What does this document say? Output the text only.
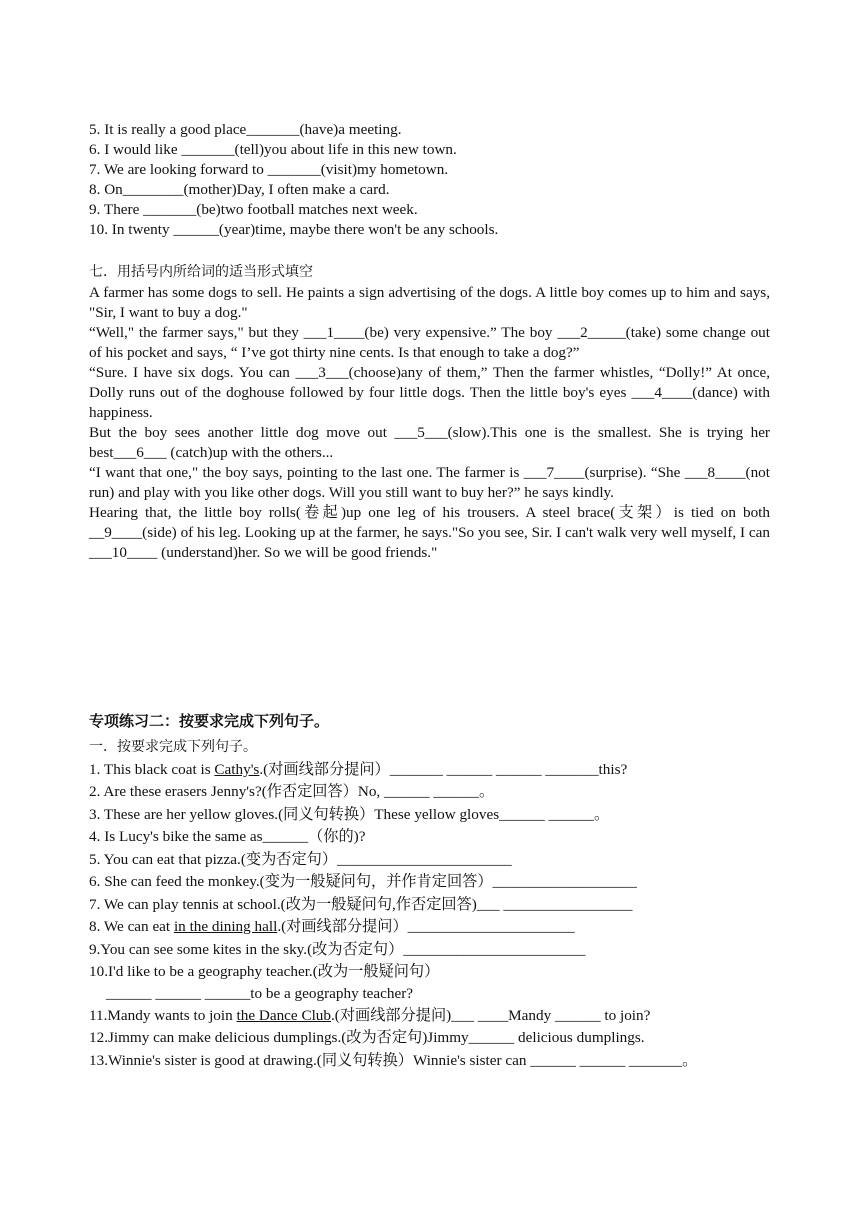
5. It is really a good place_______(have)a meeting.
6. I would like _______(tell)you about life in this new town.
7. We are looking forward to _______(visit)my hometown.
8. On________(mother)Day, I often make a card.
9. There _______(be)two football matches next week.
10. In twenty ______(year)time, maybe there won't be any schools.
七．用括号内所给词的适当形式填空

A farmer has some dogs to sell. He paints a sign advertising of the dogs. A little boy comes up to him and says, "Sir, I want to buy a dog."

“Well," the farmer says," but they ___1____(be) very expensive.” The boy ___2_____(take) some change out of his pocket and says, “ I’ve got thirty nine cents. Is that enough to take a dog?”

“Sure. I have six dogs. You can ___3___(choose)any of them,” Then the farmer whistles, “Dolly!” At once, Dolly runs out of the doghouse followed by four little dogs. Then the little boy's eyes ___4____(dance) with happiness.

But the boy sees another little dog move out ___5___(slow).This one is the smallest. She is trying her best___6___ (catch)up with the others...

“I want that one," the boy says, pointing to the last one. The farmer is ___7____(surprise). “She ___8____(not run) and play with you like other dogs. Will you still want to buy her?” he says kindly.

Hearing that, the little boy rolls(卷起)up one leg of his trousers. A steel brace(支架）is tied on both __9____(side) of his leg. Looking up at the farmer, he says."So you see, Sir. I can't walk very well myself, I can ___10____ (understand)her. So we will be good friends."

专项练习二：按要求完成下列句子。
一．按要求完成下列句子。
1. This black coat is Cathy's.(对画线部分提问）_______ ______ ______ _______this?
2. Are these erasers Jenny's?(作否定回答）No, ______ ______。
3. These are her yellow gloves.(同义句转换）These yellow gloves______ ______。
4. Is Lucy's bike the same as______（你的)?
5. You can eat that pizza.(变为否定句）_______________________
6. She can feed the monkey.(变为一般疑问句，并作肯定回答）___________________
7. We can play tennis at school.(改为一般疑问句,作否定回答)___ _________________
8. We can eat in the dining hall.(对画线部分提问）______________________
9.You can see some kites in the sky.(改为否定句）________________________
10.I'd like to be a geography teacher.(改为一般疑问句）
______ ______ ______to be a geography teacher?
11.Mandy wants to join the Dance Club.(对画线部分提问)___ ____Mandy ______ to join?
12.Jimmy can make delicious dumplings.(改为否定句)Jimmy______ delicious dumplings.
13.Winnie's sister is good at drawing.(同义句转换）Winnie's sister can ______ ______ _______。
